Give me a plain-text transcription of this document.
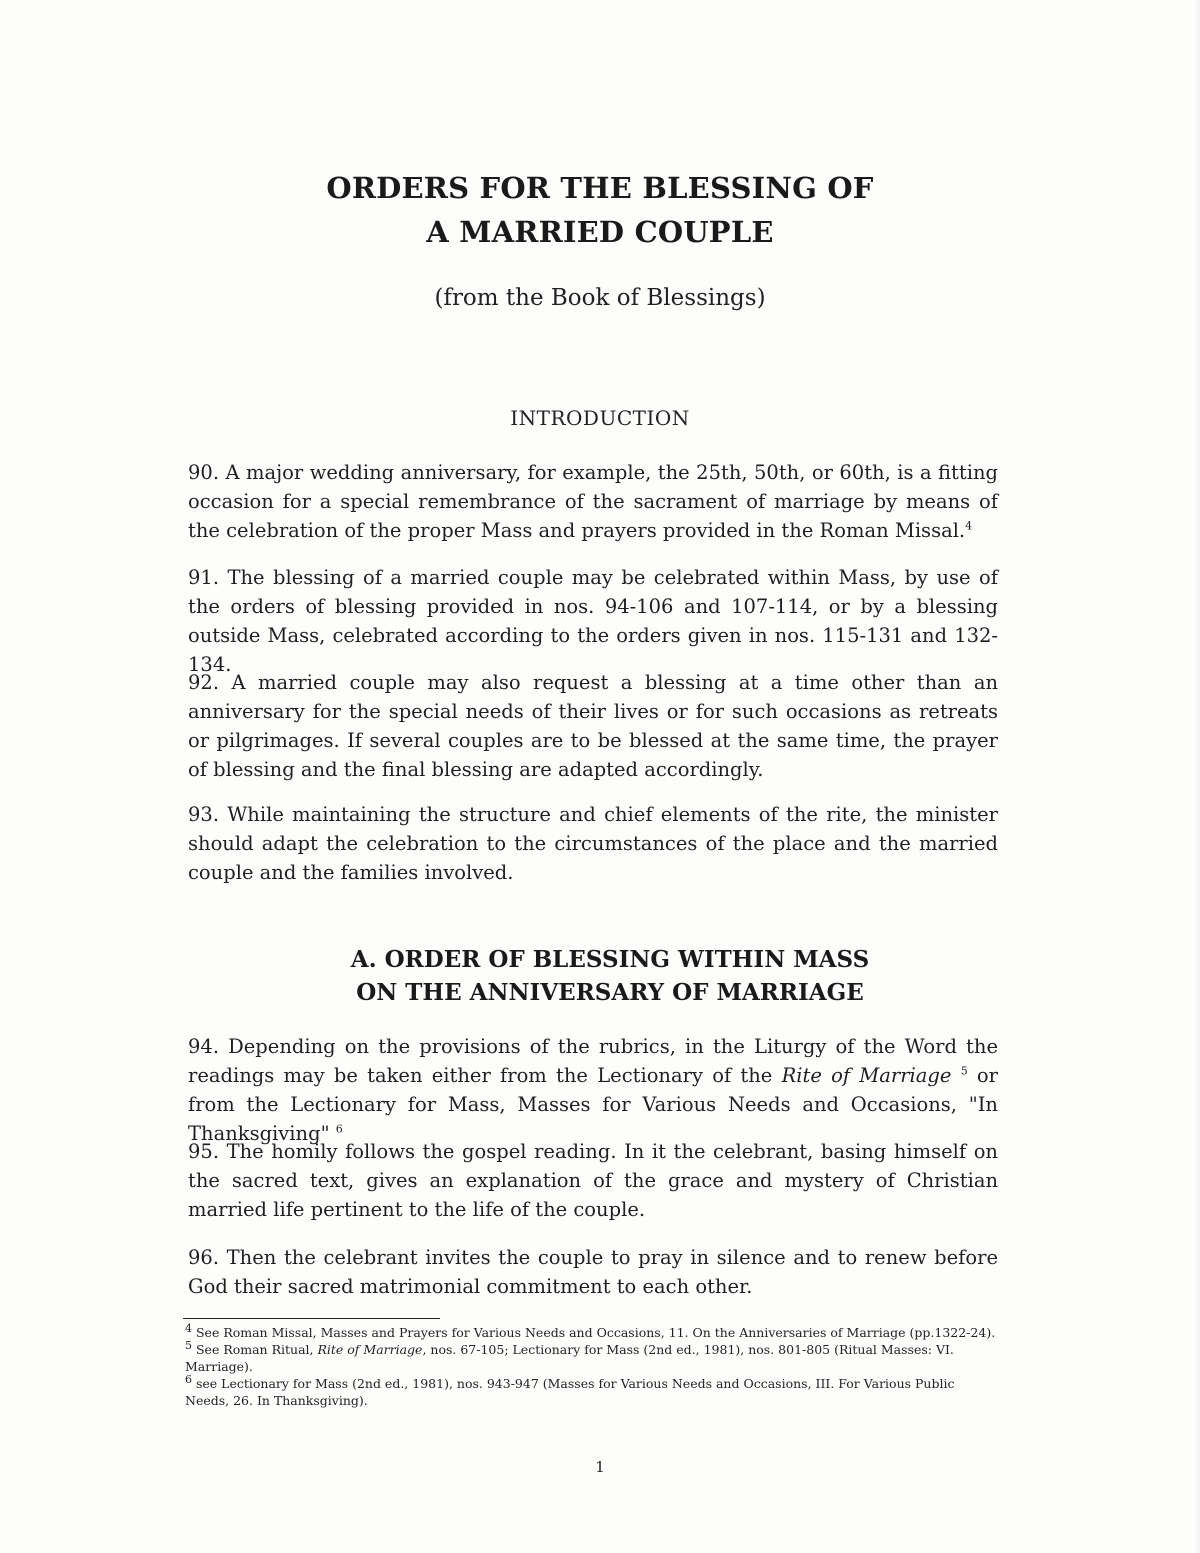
ORDERS FOR THE BLESSING OF
A MARRIED COUPLE
(from the Book of Blessings)
INTRODUCTION
90. A major wedding anniversary, for example, the 25th, 50th, or 60th, is a fitting occasion for a special remembrance of the sacrament of marriage by means of the celebration of the proper Mass and prayers provided in the Roman Missal.$^4$
91. The blessing of a married couple may be celebrated within Mass, by use of the orders of blessing provided in nos. 94-106 and 107-114, or by a blessing outside Mass, celebrated according to the orders given in nos. 115-131 and 132-134.
92. A married couple may also request a blessing at a time other than an anniversary for the special needs of their lives or for such occasions as retreats or pilgrimages. If several couples are to be blessed at the same time, the prayer of blessing and the final blessing are adapted accordingly.
93. While maintaining the structure and chief elements of the rite, the minister should adapt the celebration to the circumstances of the place and the married couple and the families involved.
A. ORDER OF BLESSING WITHIN MASS
ON THE ANNIVERSARY OF MARRIAGE
94. Depending on the provisions of the rubrics, in the Liturgy of the Word the readings may be taken either from the Lectionary of the Rite of Marriage $^5$ or from the Lectionary for Mass, Masses for Various Needs and Occasions, "In Thanksgiving" $^6$
95. The homily follows the gospel reading. In it the celebrant, basing himself on the sacred text, gives an explanation of the grace and mystery of Christian married life pertinent to the life of the couple.
96. Then the celebrant invites the couple to pray in silence and to renew before God their sacred matrimonial commitment to each other.
4 See Roman Missal, Masses and Prayers for Various Needs and Occasions, 11. On the Anniversaries of Marriage (pp.1322-24).
5 See Roman Ritual, Rite of Marriage, nos. 67-105; Lectionary for Mass (2nd ed., 1981), nos. 801-805 (Ritual Masses: VI. Marriage).
6 see Lectionary for Mass (2nd ed., 1981), nos. 943-947 (Masses for Various Needs and Occasions, III. For Various Public Needs, 26. In Thanksgiving).
1
